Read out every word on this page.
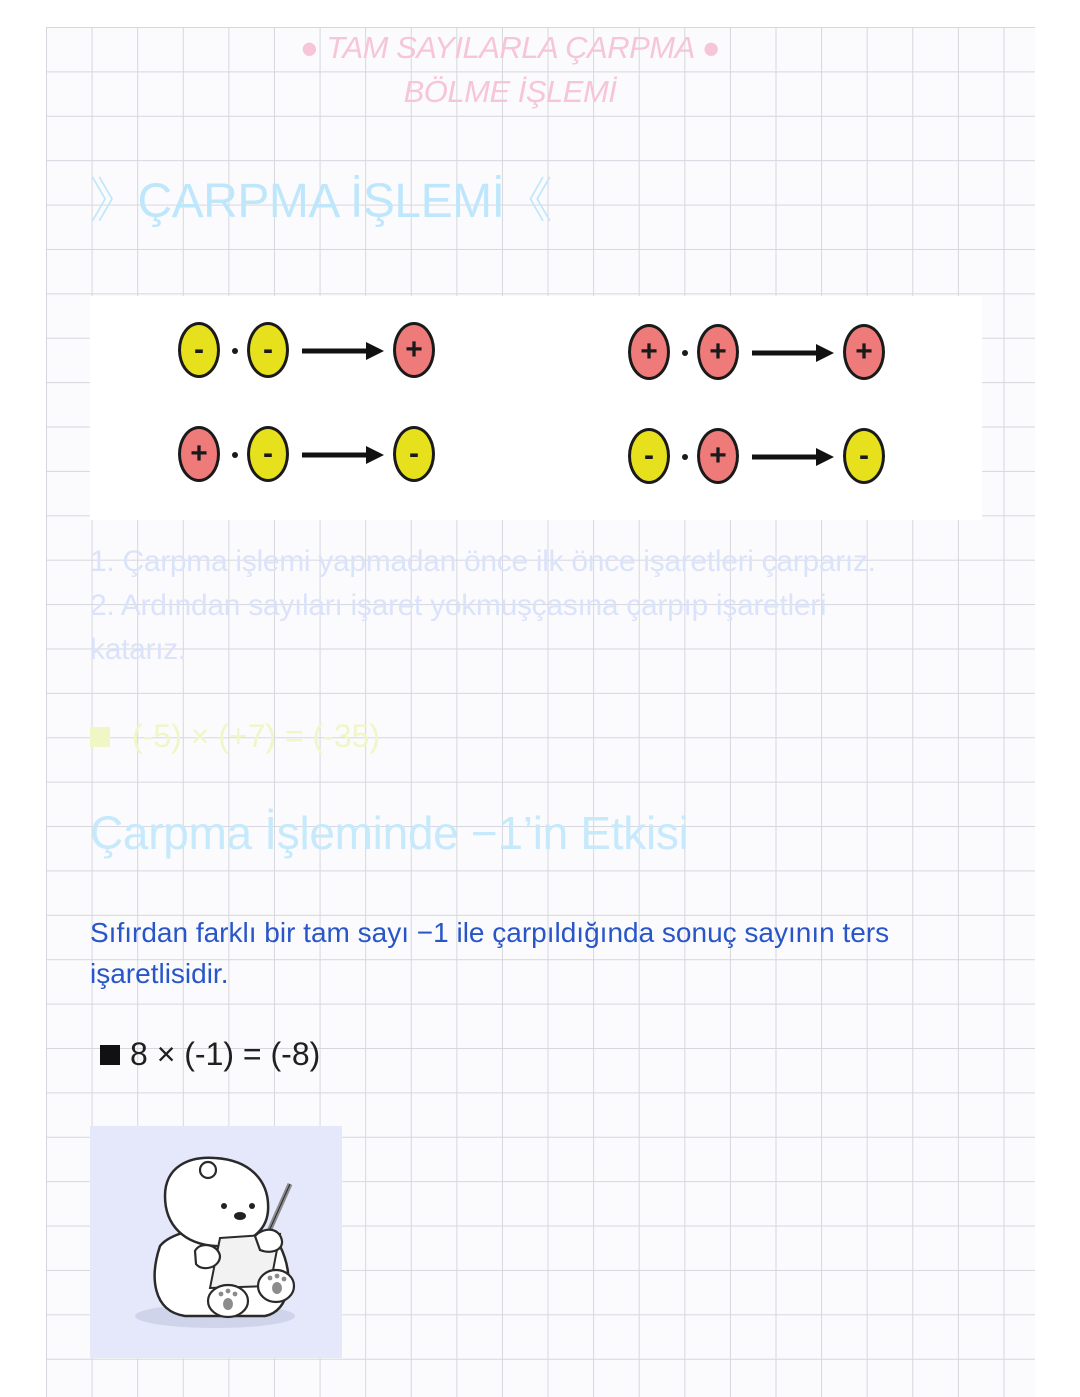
● TAM SAYILARLA ÇARPMA ●
BÖLME İŞLEMİ
》ÇARPMA İŞLEMİ《
-	-	+	+	+	+
+	-	-	-	+	-
1. Çarpma işlemi yapmadan önce ilk önce işaretleri çarparız.
2. Ardından sayıları işaret yokmuşçasına çarpıp işaretleri
katarız.
(-5) × (+7) = (-35)
Çarpma İşleminde −1’in Etkisi
Sıfırdan farklı bir tam sayı −1 ile çarpıldığında sonuç sayının ters işaretlisidir.
8 × (-1) = (-8)
